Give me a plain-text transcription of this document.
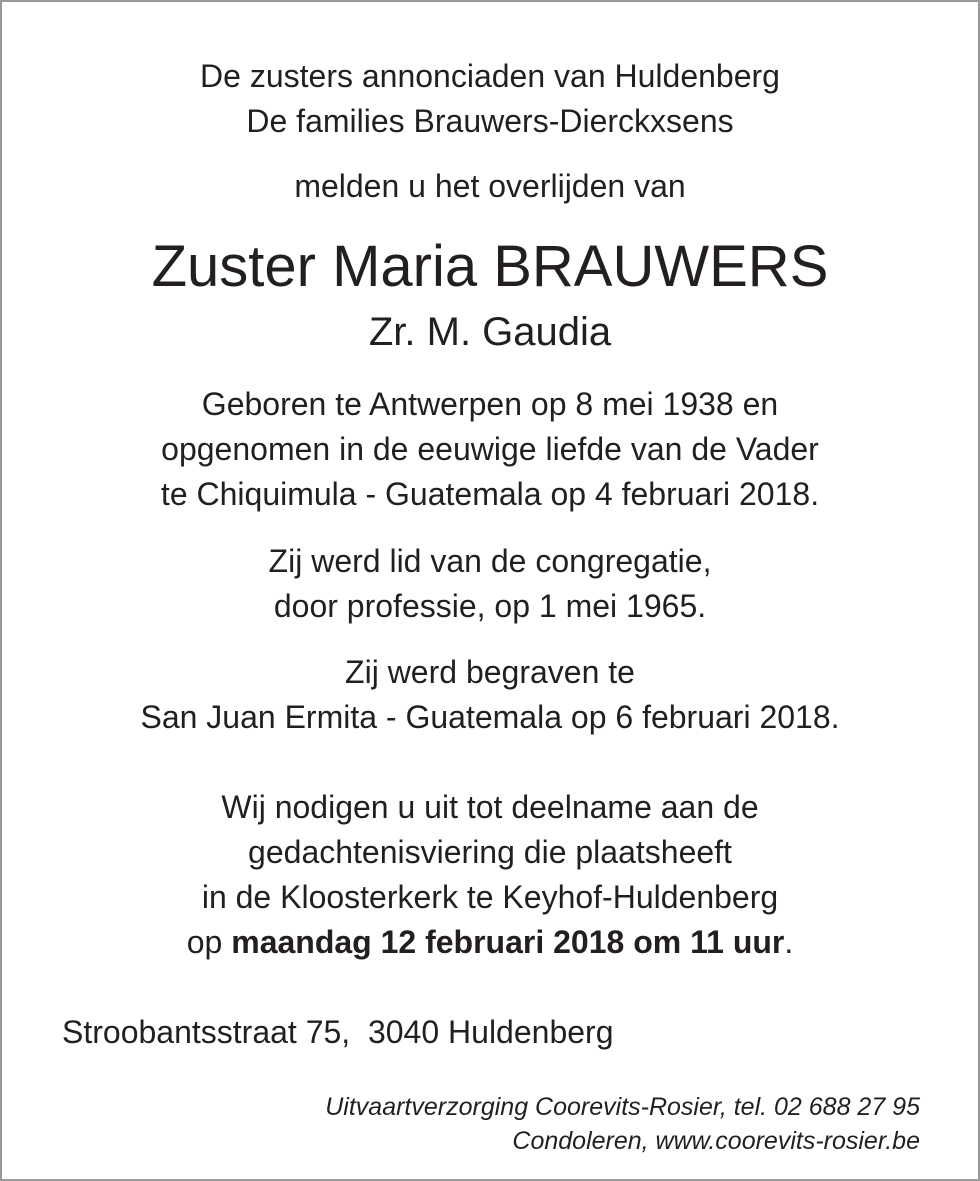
De zusters annonciaden van Huldenberg
De families Brauwers-Dierckxsens
melden u het overlijden van
Zuster Maria BRAUWERS
Zr. M. Gaudia
Geboren te Antwerpen op 8 mei 1938 en
opgenomen in de eeuwige liefde van de Vader
te Chiquimula - Guatemala op 4 februari 2018.
Zij werd lid van de congregatie,
door professie, op 1 mei 1965.
Zij werd begraven te
San Juan Ermita - Guatemala op 6 februari 2018.
Wij nodigen u uit tot deelname aan de
gedachtenisviering die plaatsheeft
in de Kloosterkerk te Keyhof-Huldenberg
op maandag 12 februari 2018 om 11 uur.
Stroobantsstraat 75,  3040 Huldenberg
Uitvaartverzorging Coorevits-Rosier, tel. 02 688 27 95
Condoleren, www.coorevits-rosier.be
